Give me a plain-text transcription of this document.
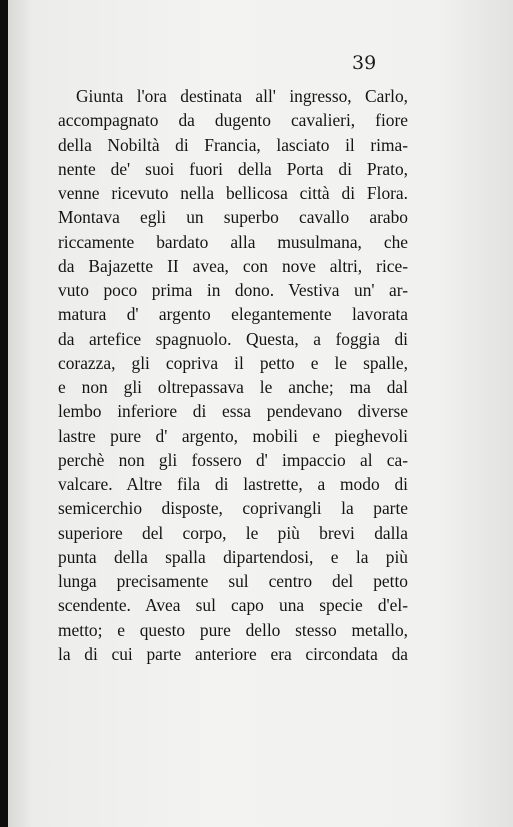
39

Giunta l'ora destinata all' ingresso, Carlo,
accompagnato da dugento cavalieri, fiore
della Nobiltà di Francia, lasciato il rima-
nente de' suoi fuori della Porta di Prato,
venne ricevuto nella bellicosa città di Flora.
Montava egli un superbo cavallo arabo
riccamente bardato alla musulmana, che
da Bajazette II avea, con nove altri, rice-
vuto poco prima in dono. Vestiva un' ar-
matura d' argento elegantemente lavorata
da artefice spagnuolo. Questa, a foggia di
corazza, gli copriva il petto e le spalle,
e non gli oltrepassava le anche; ma dal
lembo inferiore di essa pendevano diverse
lastre pure d' argento, mobili e pieghevoli
perchè non gli fossero d' impaccio al ca-
valcare. Altre fila di lastrette, a modo di
semicerchio disposte, coprivangli la parte
superiore del corpo, le più brevi dalla
punta della spalla dipartendosi, e la più
lunga precisamente sul centro del petto
scendente. Avea sul capo una specie d'el-
metto; e questo pure dello stesso metallo,
la di cui parte anteriore era circondata da
